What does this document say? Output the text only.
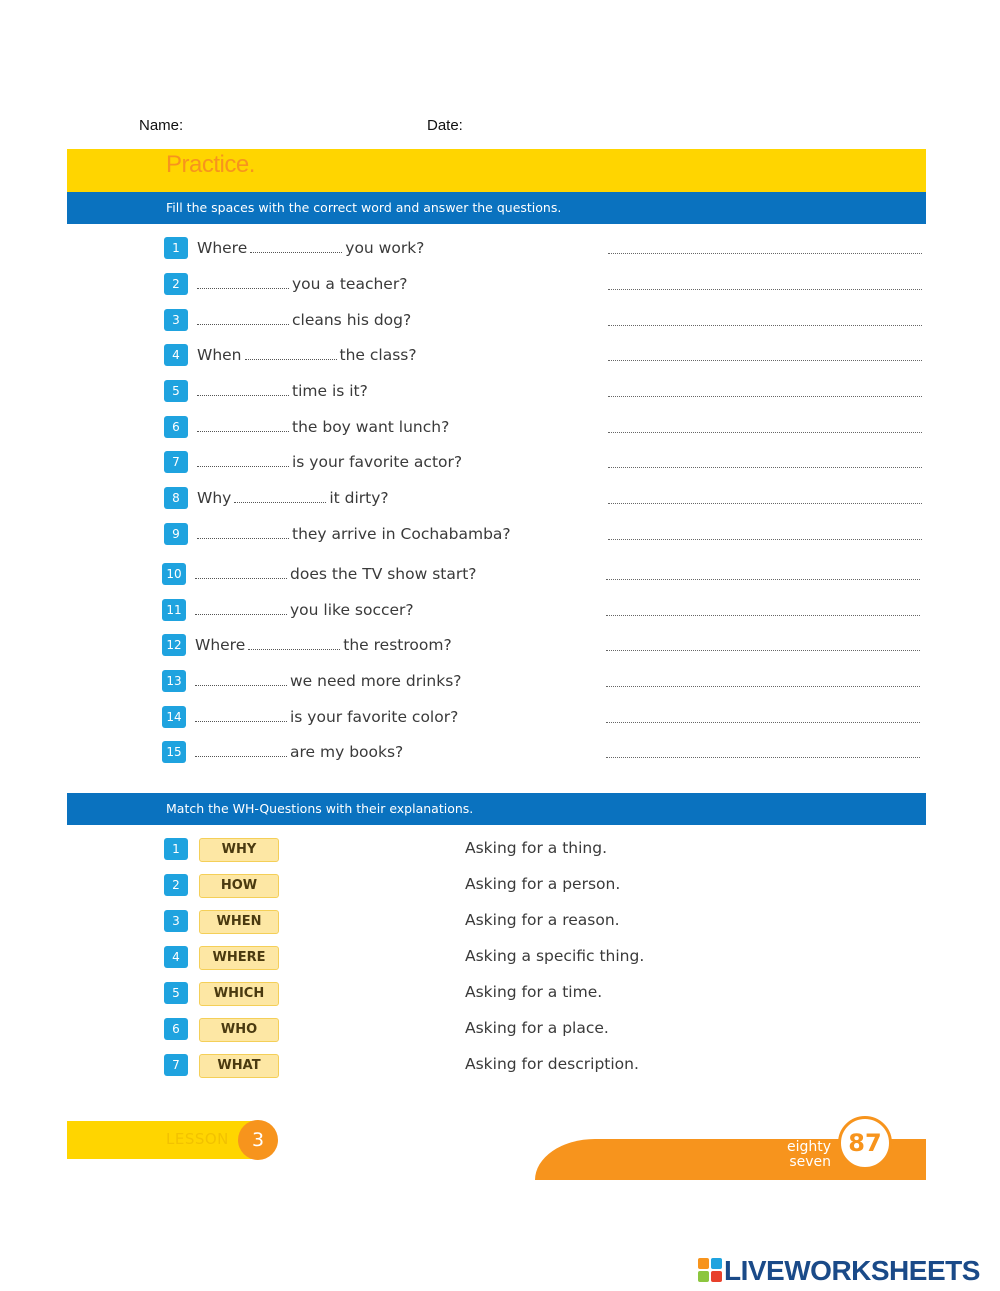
Name:	Date:
Practice.
Fill the spaces with the correct word and answer the questions.
1	Where	you work?
2	you a teacher?
3	cleans his dog?
4	When	the class?
5	time is it?
6	the boy want lunch?
7	is your favorite actor?
8	Why	it dirty?
9	they arrive in Cochabamba?
10	does the TV show start?
11	you like soccer?
12 Where	the restroom?
13	we need more drinks?
14	is your favorite color?
15	are my books?
Match the WH-Questions with their explanations.
1	WHY	Asking for a thing.
2	HOW	Asking for a person.
3	WHEN	Asking for a reason.
4	WHERE	Asking a specific thing.
5	WHICH	Asking for a time.
6	WHO	Asking for a place.
7	WHAT	Asking for description.
LESSON	3	PAGE
eighty seven
87
LIVEWORKSHEETS
